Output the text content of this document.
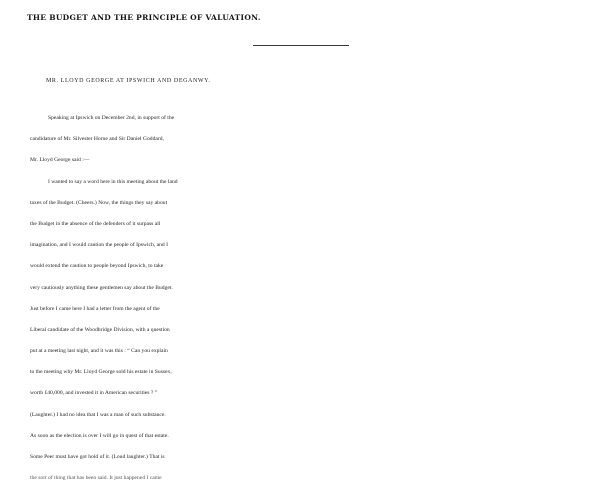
THE BUDGET AND THE PRINCIPLE OF VALUATION.
MR. LLOYD GEORGE AT IPSWICH AND DEGANWY.
Speaking at Ipswich on December 2nd, in support of the
candidature of Mr. Silvester Horne and Sir Daniel Goddard,
Mr. Lloyd George said :—
I wanted to say a word here in this meeting about the land
taxes of the Budget. (Cheers.) Now, the things they say about
the Budget in the absence of the defenders of it surpass all
imagination, and I would caution the people of Ipswich, and I
would extend the caution to people beyond Ipswich, to take
very cautiously anything these gentlemen say about the Budget.
Just before I came here I had a letter from the agent of the
Liberal candidate of the Woodbridge Division, with a question
put at a meeting last night, and it was this : “ Can you explain
to the meeting why Mr. Lloyd George sold his estate in Sussex,
worth £40,000, and invested it in American securities ? ”
(Laughter.) I had no idea that I was a man of such substance.
As soon as the election is over I will go in quest of that estate.
Some Peer must have got hold of it. (Loud laughter.) That is
the sort of thing that has been said. It just happened I came
